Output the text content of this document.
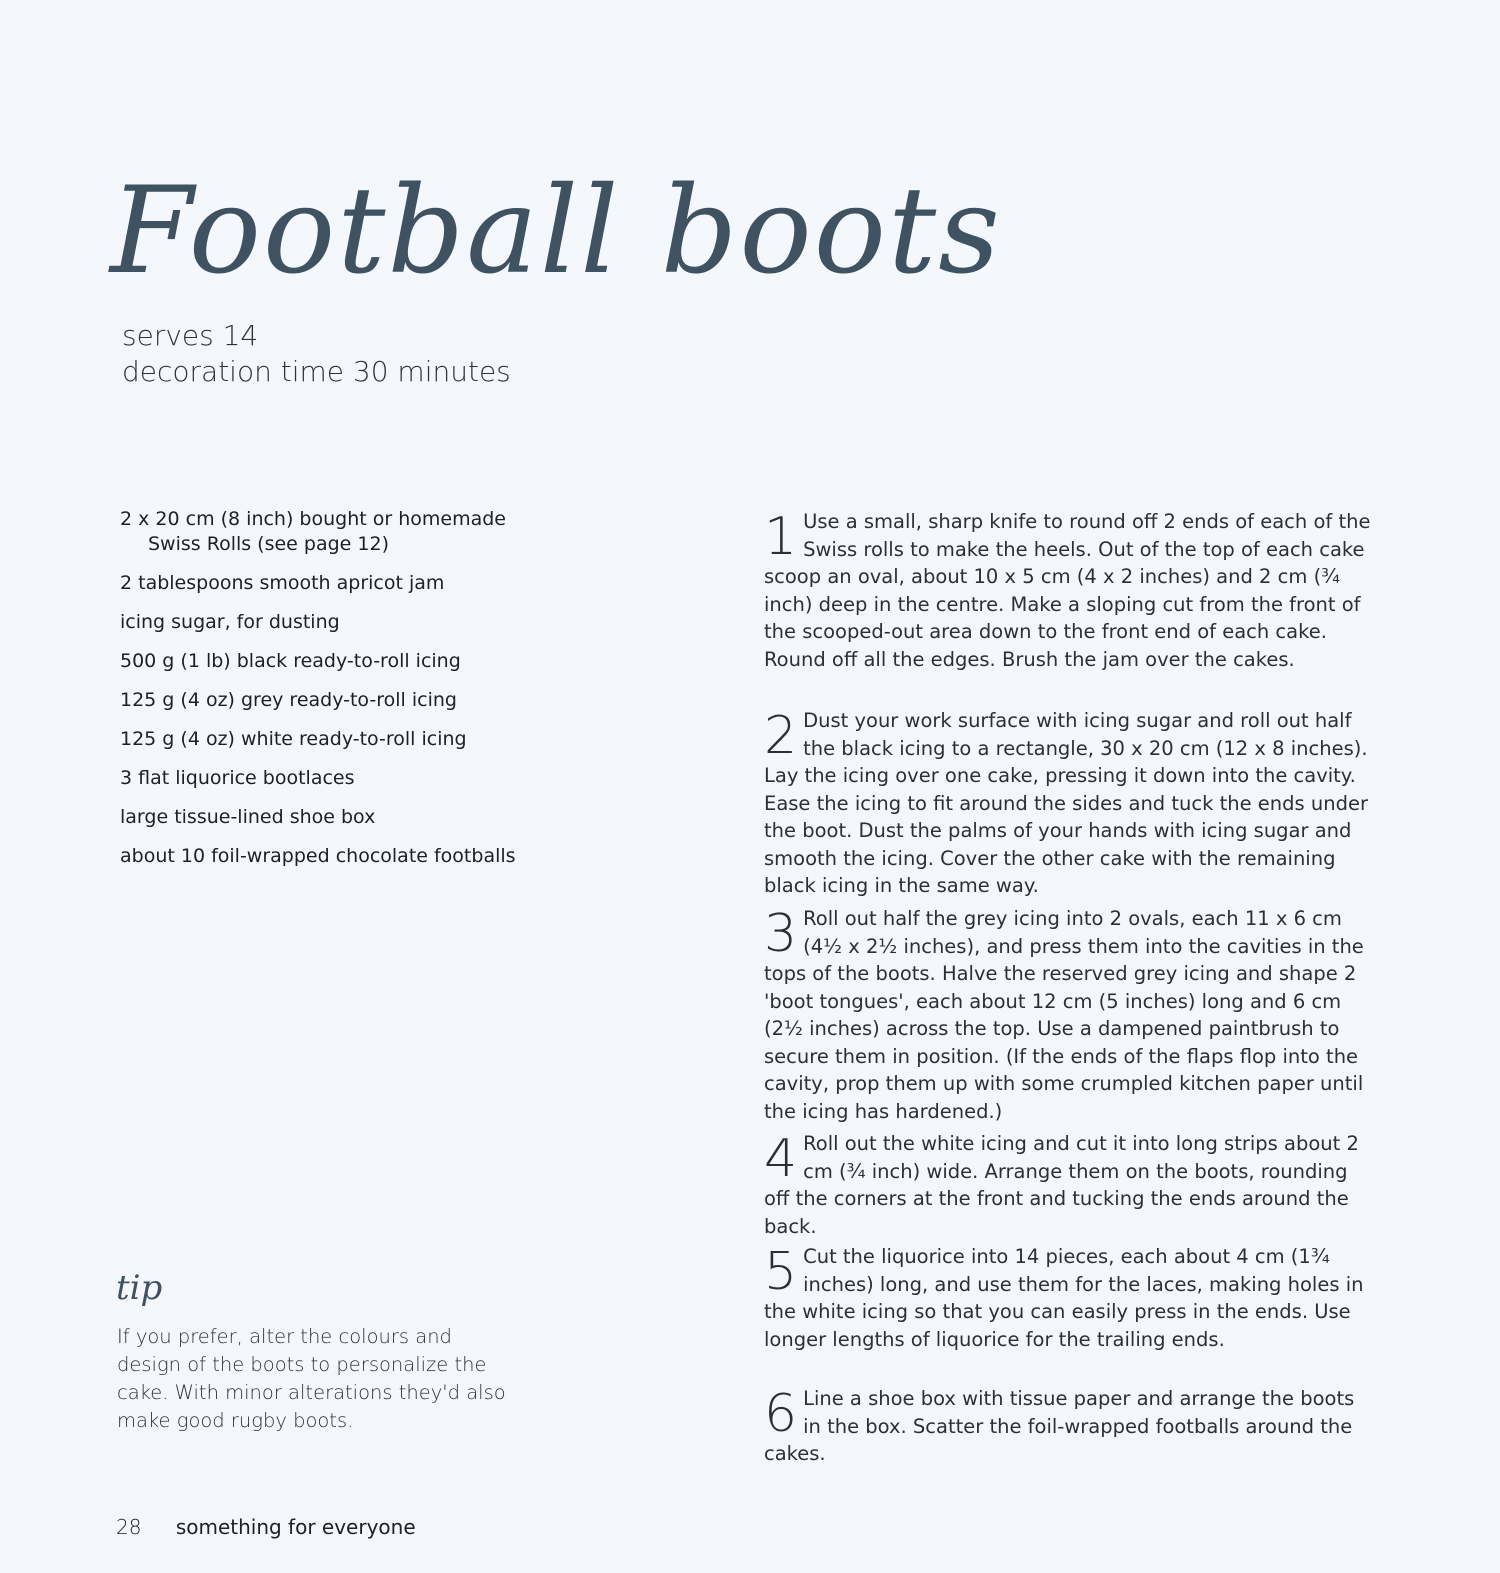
Football boots
serves 14
decoration time 30 minutes
2 x 20 cm (8 inch) bought or homemade Swiss Rolls (see page 12)
2 tablespoons smooth apricot jam
icing sugar, for dusting
500 g (1 lb) black ready-to-roll icing
125 g (4 oz) grey ready-to-roll icing
125 g (4 oz) white ready-to-roll icing
3 flat liquorice bootlaces
large tissue-lined shoe box
about 10 foil-wrapped chocolate footballs
tip

If you prefer, alter the colours and design of the boots to personalize the cake. With minor alterations they'd also make good rugby boots.

1 Use a small, sharp knife to round off 2 ends of each of the Swiss rolls to make the heels. Out of the top of each cake scoop an oval, about 10 x 5 cm (4 x 2 inches) and 2 cm (¾ inch) deep in the centre. Make a sloping cut from the front of the scooped-out area down to the front end of each cake. Round off all the edges. Brush the jam over the cakes.

2 Dust your work surface with icing sugar and roll out half the black icing to a rectangle, 30 x 20 cm (12 x 8 inches). Lay the icing over one cake, pressing it down into the cavity. Ease the icing to fit around the sides and tuck the ends under the boot. Dust the palms of your hands with icing sugar and smooth the icing. Cover the other cake with the remaining black icing in the same way.

3 Roll out half the grey icing into 2 ovals, each 11 x 6 cm (4½ x 2½ inches), and press them into the cavities in the tops of the boots. Halve the reserved grey icing and shape 2 'boot tongues', each about 12 cm (5 inches) long and 6 cm (2½ inches) across the top. Use a dampened paintbrush to secure them in position. (If the ends of the flaps flop into the cavity, prop them up with some crumpled kitchen paper until the icing has hardened.)

4 Roll out the white icing and cut it into long strips about 2 cm (¾ inch) wide. Arrange them on the boots, rounding off the corners at the front and tucking the ends around the back.

5 Cut the liquorice into 14 pieces, each about 4 cm (1¾ inches) long, and use them for the laces, making holes in the white icing so that you can easily press in the ends. Use longer lengths of liquorice for the trailing ends.

6 Line a shoe box with tissue paper and arrange the boots in the box. Scatter the foil-wrapped footballs around the cakes.

28 something for everyone
